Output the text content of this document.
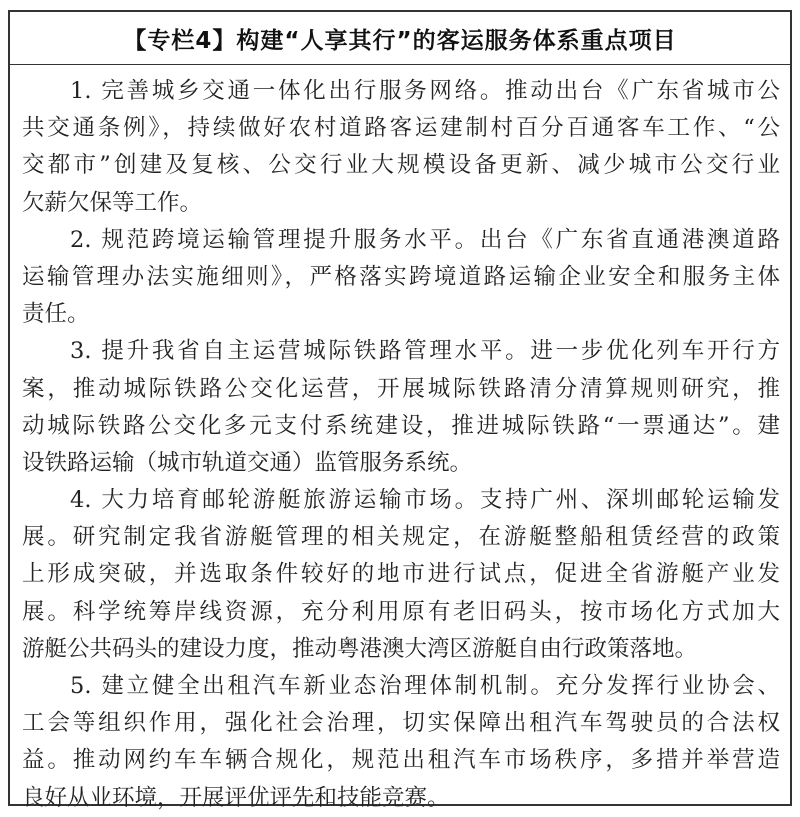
【专栏4】构建“人享其行”的客运服务体系重点项目
1. 完善城乡交通一体化出行服务网络。推动出台《广东省城市公
共交通条例》，持续做好农村道路客运建制村百分百通客车工作、“公
交都市”创建及复核、公交行业大规模设备更新、减少城市公交行业
欠薪欠保等工作。
2. 规范跨境运输管理提升服务水平。出台《广东省直通港澳道路
运输管理办法实施细则》，严格落实跨境道路运输企业安全和服务主体
责任。
3. 提升我省自主运营城际铁路管理水平。进一步优化列车开行方
案，推动城际铁路公交化运营，开展城际铁路清分清算规则研究，推
动城际铁路公交化多元支付系统建设，推进城际铁路“一票通达”。建
设铁路运输（城市轨道交通）监管服务系统。
4. 大力培育邮轮游艇旅游运输市场。支持广州、深圳邮轮运输发
展。研究制定我省游艇管理的相关规定，在游艇整船租赁经营的政策
上形成突破，并选取条件较好的地市进行试点，促进全省游艇产业发
展。科学统筹岸线资源，充分利用原有老旧码头，按市场化方式加大
游艇公共码头的建设力度，推动粤港澳大湾区游艇自由行政策落地。
5. 建立健全出租汽车新业态治理体制机制。充分发挥行业协会、
工会等组织作用，强化社会治理，切实保障出租汽车驾驶员的合法权
益。推动网约车车辆合规化，规范出租汽车市场秩序，多措并举营造
良好从业环境，开展评优评先和技能竞赛。
